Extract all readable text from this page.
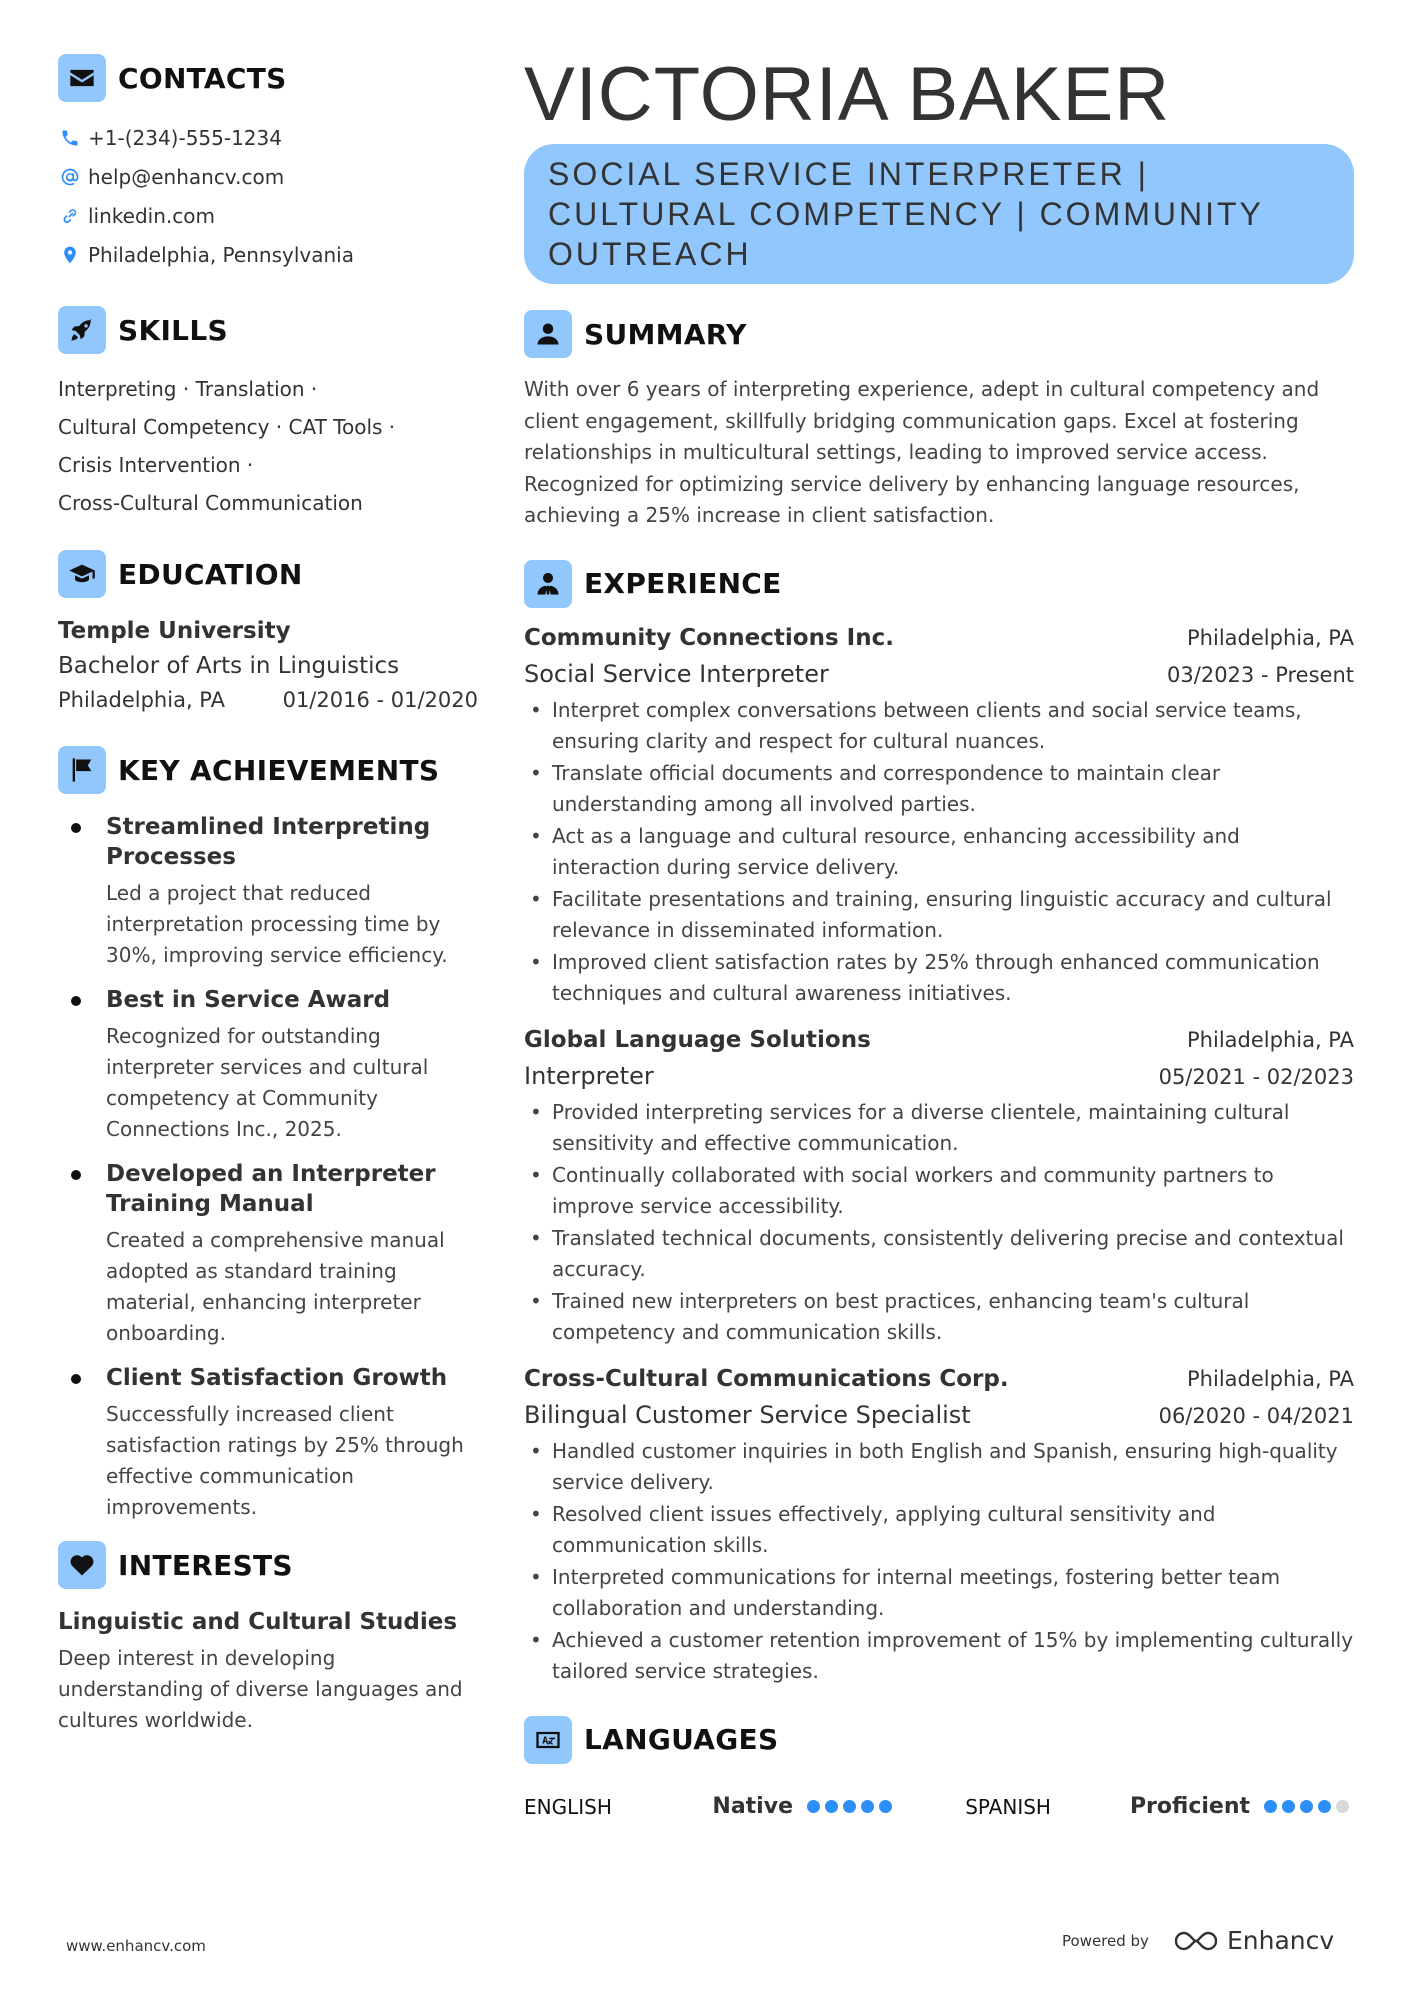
CONTACTS
+1-(234)-555-1234
help@enhancv.com
linkedin.com
Philadelphia, Pennsylvania
SKILLS
Interpreting · Translation ·
Cultural Competency · CAT Tools ·
Crisis Intervention ·
Cross-Cultural Communication
EDUCATION
Temple University
Bachelor of Arts in Linguistics
Philadelphia, PA	01/2016 - 01/2020
KEY ACHIEVEMENTS
Streamlined Interpreting Processes
Led a project that reduced interpretation processing time by 30%, improving service efficiency.
Best in Service Award
Recognized for outstanding interpreter services and cultural competency at Community Connections Inc., 2025.
Developed an Interpreter Training Manual
Created a comprehensive manual adopted as standard training material, enhancing interpreter onboarding.
Client Satisfaction Growth
Successfully increased client satisfaction ratings by 25% through effective communication improvements.
INTERESTS
Linguistic and Cultural Studies
Deep interest in developing understanding of diverse languages and cultures worldwide.
VICTORIA BAKER
SOCIAL SERVICE INTERPRETER |
CULTURAL COMPETENCY | COMMUNITY
OUTREACH
SUMMARY

With over 6 years of interpreting experience, adept in cultural competency and client engagement, skillfully bridging communication gaps. Excel at fostering relationships in multicultural settings, leading to improved service access. Recognized for optimizing service delivery by enhancing language resources, achieving a 25% increase in client satisfaction.

EXPERIENCE
Community Connections Inc.	Philadelphia, PA
Social Service Interpreter	03/2023 - Present
• Interpret complex conversations between clients and social service teams, ensuring clarity and respect for cultural nuances.
• Translate official documents and correspondence to maintain clear understanding among all involved parties.
• Act as a language and cultural resource, enhancing accessibility and interaction during service delivery.
• Facilitate presentations and training, ensuring linguistic accuracy and cultural relevance in disseminated information.
• Improved client satisfaction rates by 25% through enhanced communication techniques and cultural awareness initiatives.
Global Language Solutions	Philadelphia, PA
Interpreter	05/2021 - 02/2023
• Provided interpreting services for a diverse clientele, maintaining cultural sensitivity and effective communication.
• Continually collaborated with social workers and community partners to improve service accessibility.
• Translated technical documents, consistently delivering precise and contextual accuracy.
• Trained new interpreters on best practices, enhancing team's cultural competency and communication skills.
Cross-Cultural Communications Corp.	Philadelphia, PA
Bilingual Customer Service Specialist	06/2020 - 04/2021
• Handled customer inquiries in both English and Spanish, ensuring high-quality service delivery.
• Resolved client issues effectively, applying cultural sensitivity and communication skills.
• Interpreted communications for internal meetings, fostering better team collaboration and understanding.
• Achieved a customer retention improvement of 15% by implementing culturally tailored service strategies.
LANGUAGES
ENGLISH	Native	SPANISH	Proficient
www.enhancv.com	Powered by	Enhancv
